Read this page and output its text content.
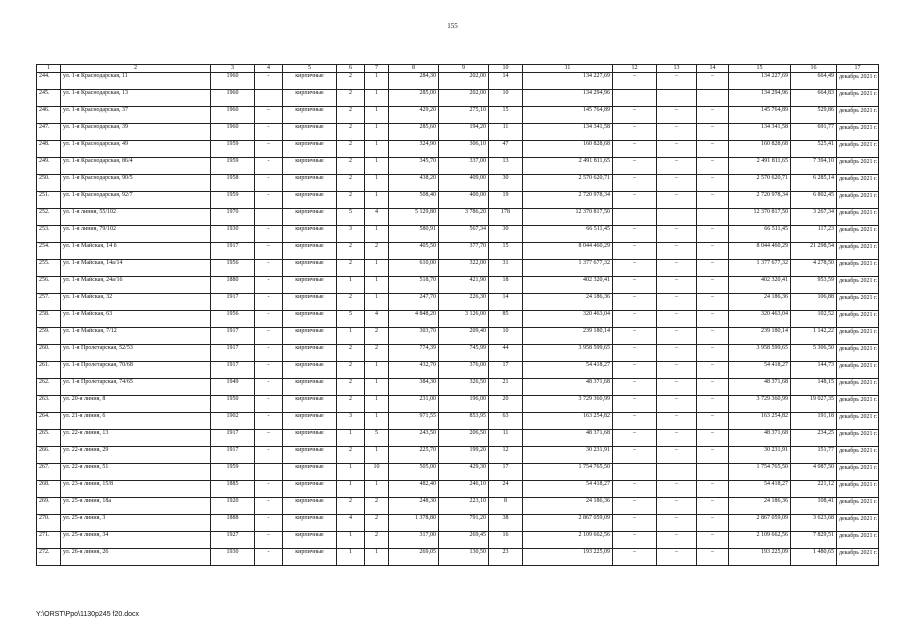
155
1	2	3	4	5	6	7	8	9	10	11	12	13	14	15	16	17
244.	ул. 1-я Краснодарская, 11	1960	-	кирпичные	2	1	284,30	202,00	14	134 227,69	–	–	–	134 227,69	664,49	декабрь 2021 г.
245.	ул. 1-я Краснодарская, 13	1960		кирпичные	2	1	285,00	202,00	10	134 294,96				134 294,96	664,83	декабрь 2021 г.
246.	ул. 1-я Краснодарская, 37	1960	–	кирпичные	2	1	429,20	275,10	15	145 764,89	–	–	–	145 764,89	529,86	декабрь 2021 г.
247.	ул. 1-я Краснодарская, 39	1960	-	кирпичные	2	1	285,60	194,20	11	134 341,58	–	–	–	134 341,58	691,77	декабрь 2021 г.
248.	ул. 1-я Краснодарская, 49	1959	–	кирпичные	2	1	324,90	306,10	47	160 828,68	–	–	–	160 828,68	525,41	декабрь 2021 г.
249.	ул. 1-я Краснодарская, 86/4	1959	-	кирпичные	2	1	345,70	337,00	13	2 491 811,65	–	–	–	2 491 811,65	7 394,10	декабрь 2021 г.
250.	ул. 1-я Краснодарская, 90/5	1958	-	кирпичные	2	1	438,20	409,00	30	2 570 620,71	–	–	–	2 570 620,71	6 285,14	декабрь 2021 г.
251.	ул. 1-я Краснодарская, 92/7	1959	-	кирпичные	2	1	508,40	400,00	19	2 720 978,34	–	–	–	2 720 978,34	6 802,45	декабрь 2021 г.
252.	ул. 1-я линия, 55/102	1970		кирпичные	5	4	5 129,80	3 786,20	178	12 370 817,50				12 370 817,50	3 267,34	декабрь 2021 г.
253.	ул. 1-я линия, 79/102	1930	-	кирпичные	3	1	580,91	567,34	30	66 511,45	–	–	–	66 511,45	117,23	декабрь 2021 г.
254.	ул. 1-я Майская, 14 б	1917	–	кирпичные	2	2	405,50	377,70	15	8 044 460,29	–	–	–	8 044 460,29	21 298,54	декабрь 2021 г.
255.	ул. 1-я Майская, 14а/14	1956	-	кирпичные	2	1	610,00	322,00	31	1 377 677,32	–	–	–	1 377 677,32	4 278,50	декабрь 2021 г.
256.	ул. 1-я Майская, 24а/16	1880	-	кирпичные	1	1	518,70	421,90	18	402 320,41	–	–	–	402 320,41	953,59	декабрь 2021 г.
257.	ул. 1-я Майская, 32	1917	-	кирпичные	2	1	247,70	226,30	14	24 186,36	–	–	–	24 186,36	106,88	декабрь 2021 г.
258.	ул. 1-я Майская, 63	1956	-	кирпичные	5	4	4 848,20	3 126,00	85	320 463,04	–	–	–	320 463,04	102,52	декабрь 2021 г.
259.	ул. 1-я Майская, 7/12	1917	–	кирпичные	1	2	303,70	209,40	10	239 180,14	–	–	–	239 180,14	1 142,22	декабрь 2021 г.
260.	ул. 1-я Пролетарская, 52/53	1917	-	кирпичные	2	2	774,39	745,99	44	3 958 599,65	–	–	–	3 958 599,65	5 306,50	декабрь 2021 г.
261.	ул. 1-я Пролетарская, 70/68	1917	-	кирпичные	2	1	432,70	376,00	17	54 418,27	–	–	–	54 418,27	144,73	декабрь 2021 г.
262.	ул. 1-я Пролетарская, 74/65	1949	-	кирпичные	2	1	384,30	326,50	21	48 371,68	–	–	–	48 371,68	148,15	декабрь 2021 г.
263.	ул. 20-я линия, 8	1950	-	кирпичные	2	1	231,00	196,00	20	3 729 360,99	–	–	–	3 729 360,99	19 027,35	декабрь 2021 г.
264.	ул. 21-я линия, 6	1902	-	кирпичные	3	1	971,55	853,95	63	163 254,82	–	–	–	163 254,82	191,18	декабрь 2021 г.
265.	ул. 22-я линия, 13	1917	–	кирпичные	1	5	243,50	206,50	11	48 371,68	–	–	–	48 371,68	234,25	декабрь 2021 г.
266.	ул. 22-я линия, 29	1917	-	кирпичные	2	1	225,70	199,20	12	30 231,91	–	–	–	30 231,91	151,77	декабрь 2021 г.
267.	ул. 22-я линия, 51	1959		кирпичные	1	10	505,00	429,30	17	1 754 765,50				1 754 765,50	4 087,50	декабрь 2021 г.
268.	ул. 23-я линия, 15/8	1885	-	кирпичные	1	1	482,40	246,10	24	54 418,27	–	–	–	54 418,27	221,12	декабрь 2021 г.
269.	ул. 25-я линия, 18а	1920	-	кирпичные	2	2	248,30	223,10	8	24 186,36	–	–	–	24 186,36	108,41	декабрь 2021 г.
270.	ул. 25-я линия, 3	1888	-	кирпичные	4	2	1 378,80	791,20	38	2 867 059,09	–	–	–	2 867 059,09	3 623,68	декабрь 2021 г.
271.	ул. 25-я линия, 34	1927	–	кирпичные	1	2	317,00	269,45	16	2 109 662,56	–	–	–	2 109 662,56	7 829,51	декабрь 2021 г.
272.	ул. 26-я линия, 26	1930	-	кирпичные	1	1	269,05	130,50	23	193 225,09	–	–	–	193 225,09	1 480,65	декабрь 2021 г.
Y:\ORST\Ppo\1130p245 f20.docx
